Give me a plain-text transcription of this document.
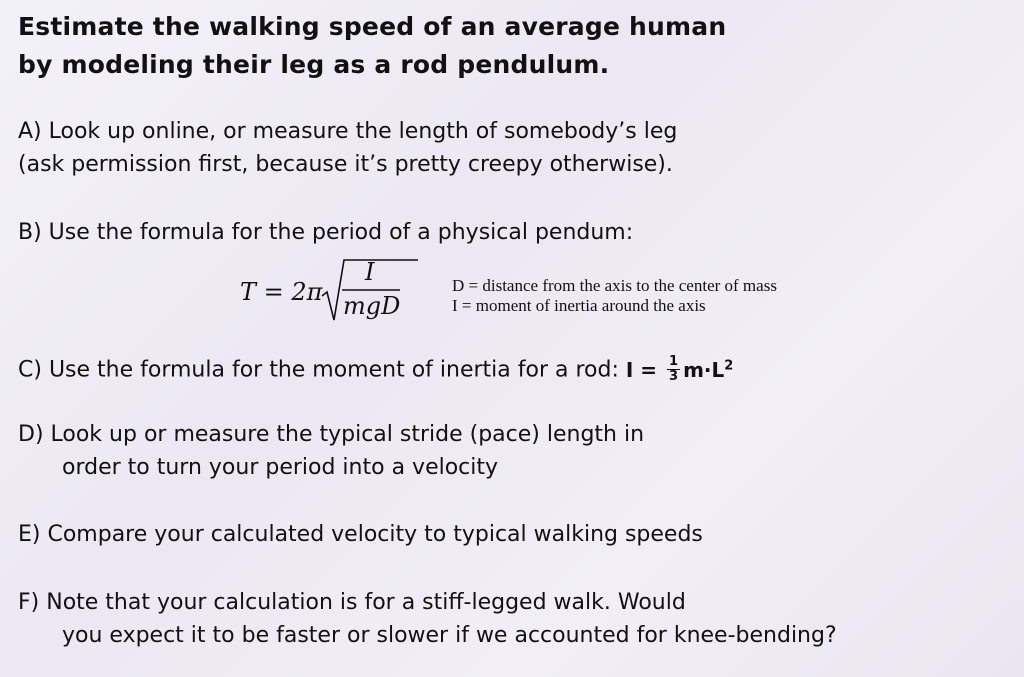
Estimate the walking speed of an average human
by modeling their leg as a rod pendulum.
A) Look up online, or measure the length of somebody’s leg
(ask permission first, because it’s pretty creepy otherwise).
B) Use the formula for the period of a physical pendum:
T = 2π
I
mgD
D = distance from the axis to the center of mass
I = moment of inertia around the axis
C) Use the formula for the moment of inertia for a rod: $I = \frac{1}{3} m\cdot L^2$
D) Look up or measure the typical stride (pace) length in
order to turn your period into a velocity
E) Compare your calculated velocity to typical walking speeds
F) Note that your calculation is for a stiff-legged walk. Would
you expect it to be faster or slower if we accounted for knee-bending?
